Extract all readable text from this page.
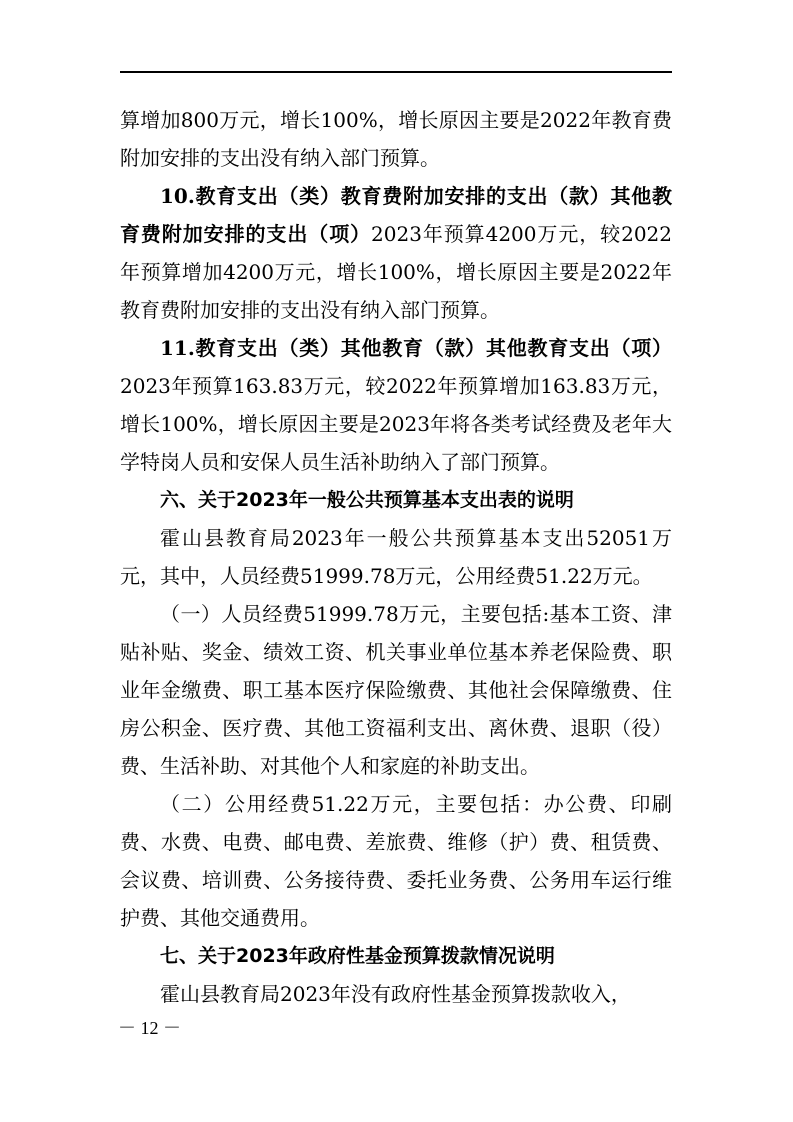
算增加800万元，增长100%，增长原因主要是2022年教育费附加安排的支出没有纳入部门预算。

10.教育支出（类）教育费附加安排的支出（款）其他教育费附加安排的支出（项）2023年预算4200万元，较2022年预算增加4200万元，增长100%，增长原因主要是2022年教育费附加安排的支出没有纳入部门预算。

11.教育支出（类）其他教育（款）其他教育支出（项）2023年预算163.83万元，较2022年预算增加163.83万元，增长100%，增长原因主要是2023年将各类考试经费及老年大学特岗人员和安保人员生活补助纳入了部门预算。

六、关于2023年一般公共预算基本支出表的说明

霍山县教育局2023年一般公共预算基本支出52051万元，其中，人员经费51999.78万元，公用经费51.22万元。

（一）人员经费51999.78万元，主要包括:基本工资、津贴补贴、奖金、绩效工资、机关事业单位基本养老保险费、职业年金缴费、职工基本医疗保险缴费、其他社会保障缴费、住房公积金、医疗费、其他工资福利支出、离休费、退职（役）费、生活补助、对其他个人和家庭的补助支出。

（二）公用经费51.22万元，主要包括：办公费、印刷费、水费、电费、邮电费、差旅费、维修（护）费、租赁费、会议费、培训费、公务接待费、委托业务费、公务用车运行维护费、其他交通费用。

七、关于2023年政府性基金预算拨款情况说明

霍山县教育局2023年没有政府性基金预算拨款收入，

－ 12 －
